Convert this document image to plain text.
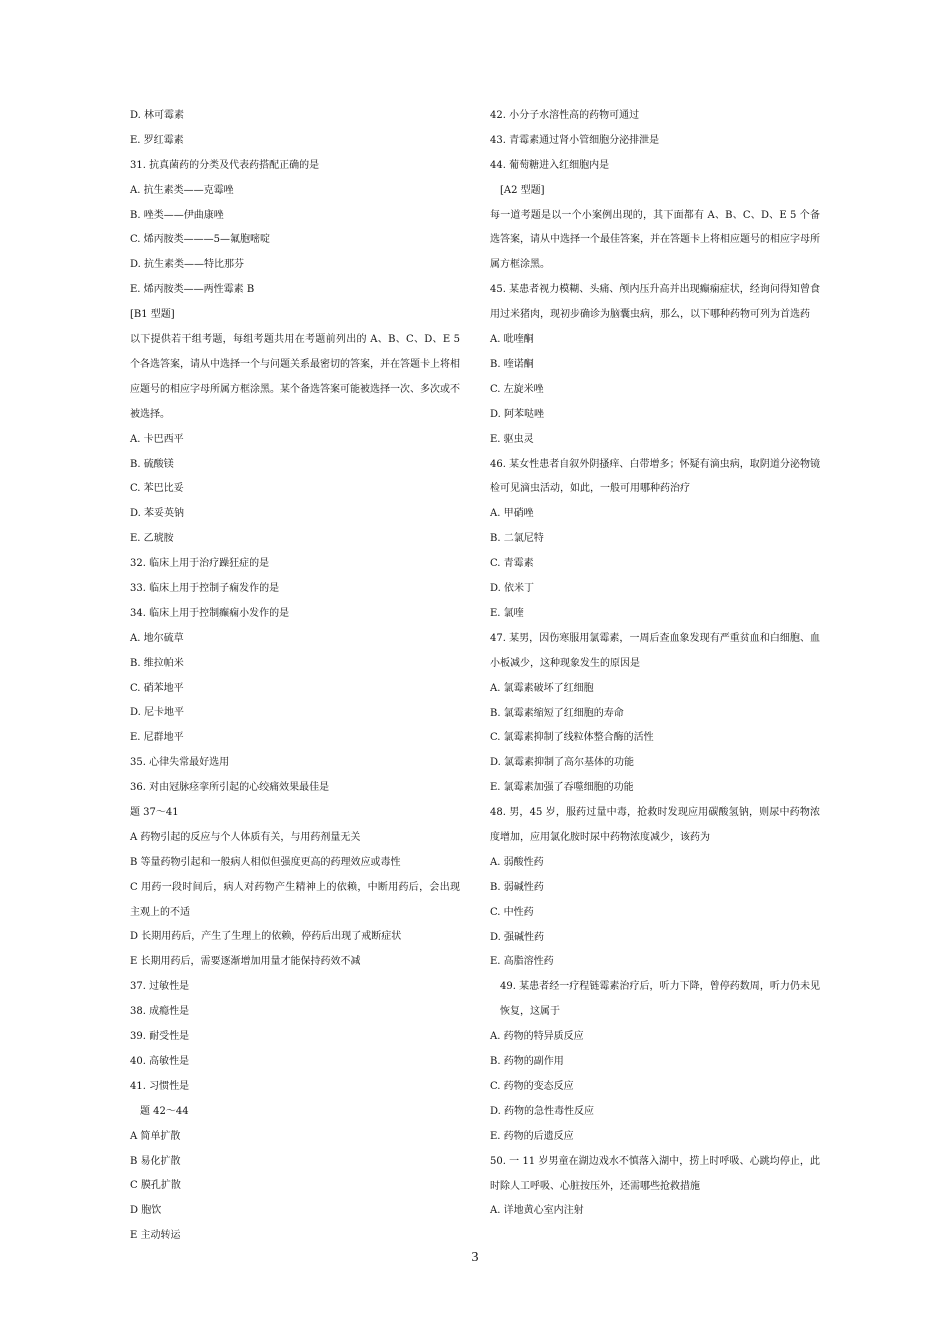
D. 林可霉素
E. 罗红霉素
31. 抗真菌药的分类及代表药搭配正确的是
A. 抗生素类——克霉唑
B. 唑类——伊曲康唑
C. 烯丙胺类———5—氟胞嘧啶
D. 抗生素类——特比那芬
E. 烯丙胺类——两性霉素 B
[B1 型题]
以下提供若干组考题，每组考题共用在考题前列出的 A、B、C、D、E 5 个各选答案，请从中选择一个与问题关系最密切的答案，并在答题卡上将相应题号的相应字母所属方框涂黑。某个备选答案可能被选择一次、多次或不被选择。
A. 卡巴西平
B. 硫酸镁
C. 苯巴比妥
D. 苯妥英钠
E. 乙琥胺
32. 临床上用于治疗躁狂症的是
33. 临床上用于控制子痫发作的是
34. 临床上用于控制癫痫小发作的是
A. 地尔硫草
B. 维拉帕米
C. 硝苯地平
D. 尼卡地平
E. 尼群地平
35. 心律失常最好选用
36. 对由冠脉痉挛所引起的心绞痛效果最佳是
题 37～41
A 药物引起的反应与个人体质有关，与用药剂量无关
B 等量药物引起和一般病人相似但强度更高的药理效应或毒性
C 用药一段时间后，病人对药物产生精神上的依赖，中断用药后，会出现主观上的不适
D 长期用药后，产生了生理上的依赖，停药后出现了戒断症状
E 长期用药后，需要逐渐增加用量才能保持药效不减
37. 过敏性是
38. 成瘾性是
39. 耐受性是
40. 高敏性是
41. 习惯性是
题 42～44
A 简单扩散
B 易化扩散
C 膜孔扩散
D 胞饮
E 主动转运
42. 小分子水溶性高的药物可通过
43. 青霉素通过肾小管细胞分泌排泄是
44. 葡萄糖进入红细胞内是
[A2 型题]
每一道考题是以一个小案例出现的，其下面都有 A、B、C、D、E 5 个备选答案，请从中选择一个最佳答案，并在答题卡上将相应题号的相应字母所属方框涂黑。
45. 某患者视力模糊、头痛、颅内压升高并出现癫痫症状，经询问得知曾食用过米猪肉，现初步确诊为脑囊虫病，那么，以下哪种药物可列为首选药
A. 吡喹酮
B. 喹诺酮
C. 左旋米唑
D. 阿苯哒唑
E. 驱虫灵
46. 某女性患者自叙外阴搔痒、白带增多；怀疑有滴虫病，取阴道分泌物镜检可见滴虫活动，如此，一般可用哪种药治疗
A. 甲硝唑
B. 二氯尼特
C. 青霉素
D. 依米丁
E. 氯喹
47. 某男，因伤寒服用氯霉素，一周后查血象发现有严重贫血和白细胞、血小板减少，这种现象发生的原因是
A. 氯霉素破坏了红细胞
B. 氯霉素缩短了红细胞的寿命
C. 氯霉素抑制了线粒体整合酶的活性
D. 氯霉素抑制了高尔基体的功能
E. 氯霉素加强了吞噬细胞的功能
48. 男，45 岁，服药过量中毒，抢救时发现应用碳酸氢钠，则尿中药物浓度增加，应用氯化胺时尿中药物浓度减少，该药为
A. 弱酸性药
B. 弱碱性药
C. 中性药
D. 强碱性药
E. 高脂溶性药
49. 某患者经一疗程链霉素治疗后，听力下降，曾停药数周，听力仍未见恢复，这属于
A. 药物的特异质反应
B. 药物的副作用
C. 药物的变态反应
D. 药物的急性毒性反应
E. 药物的后遗反应
50. 一 11 岁男童在湖边戏水不慎落入湖中，捞上时呼吸、心跳均停止，此时除人工呼吸、心脏按压外，还需哪些抢救措施
A. 详地黄心室内注射
3
